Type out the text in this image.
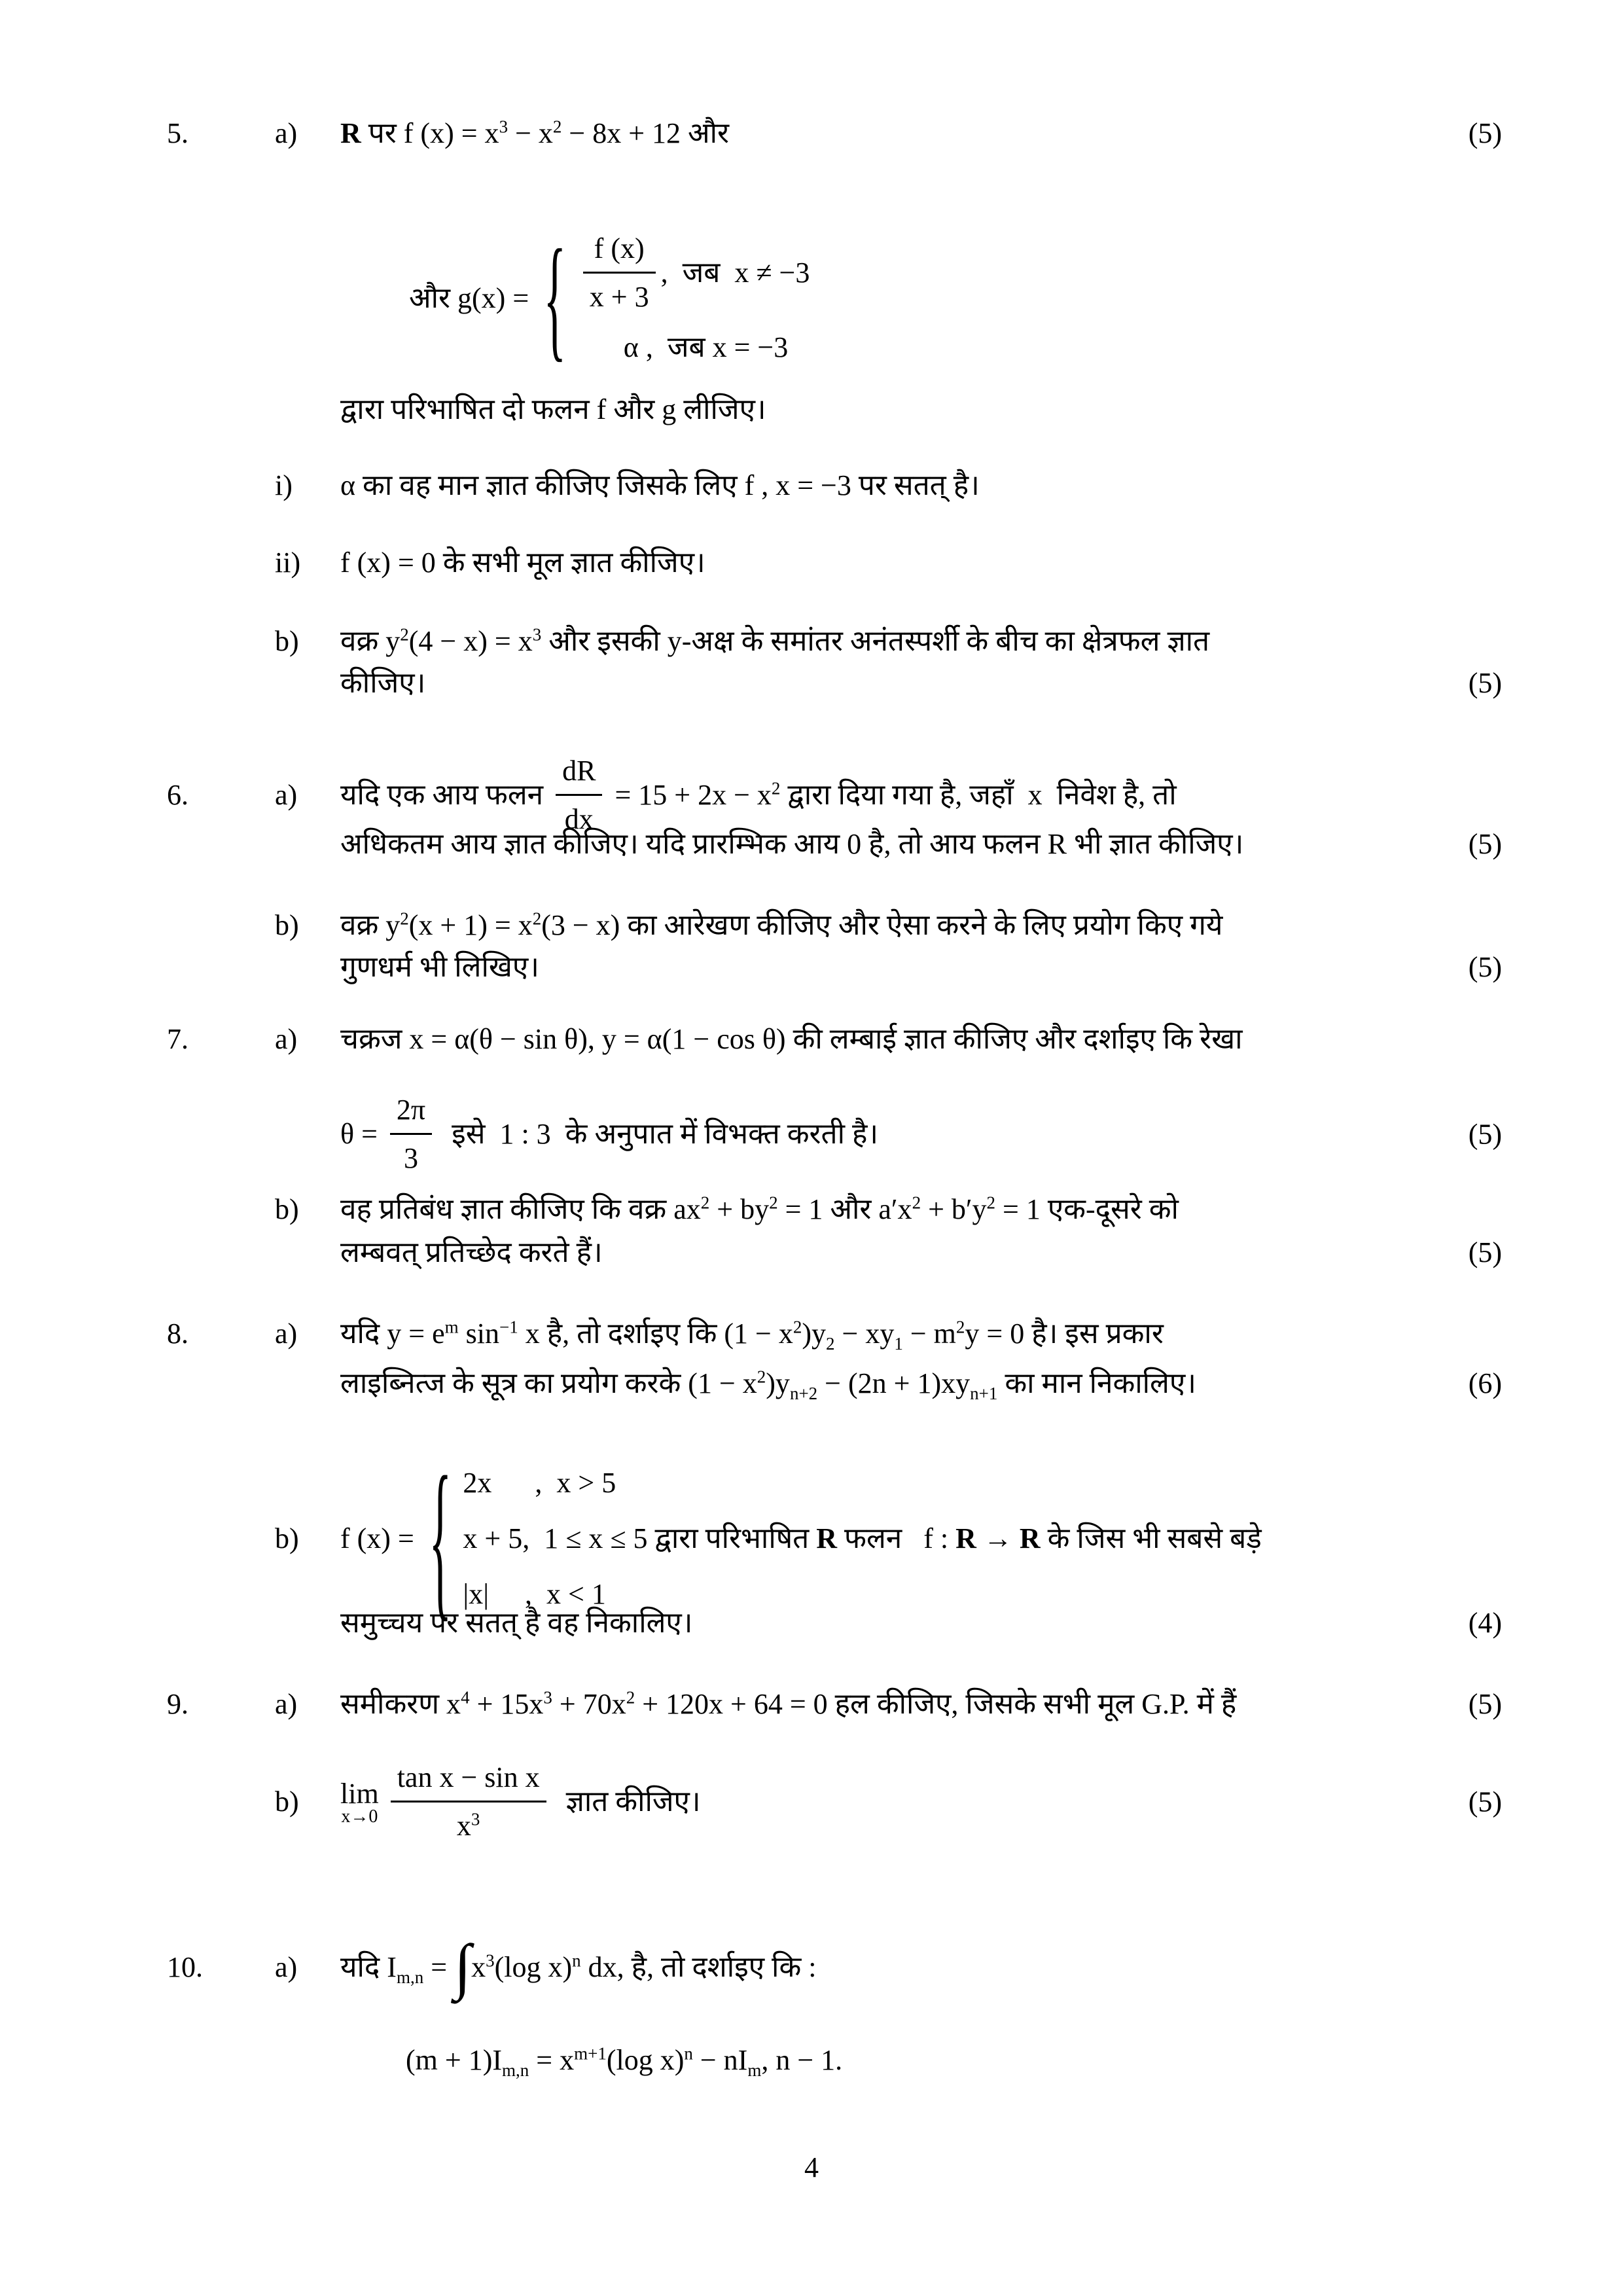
5.	a)	R पर f $(x) = x^3 - x^2 - 8x + 12$ और	(5)
और g(x) = { $\frac{f (x)}{x + 3}$ ,  जब  x ≠ −3
α ,  जब x = −3
द्वारा परिभाषित दो फलन f और g लीजिए।
i)	α का वह मान ज्ञात कीजिए जिसके लिए f , x = −3 पर सतत् है।
ii)	f (x) = 0 के सभी मूल ज्ञात कीजिए।
b)	वक्र $y^2(4 - x) = x^3$ और इसकी y-अक्ष के समांतर अनंतस्पर्शी के बीच का क्षेत्रफल ज्ञात
कीजिए।	(5)
6.	a)	यदि एक आय फलन $\frac{dR}{dx} = 15 + 2x - x^2$ द्वारा दिया गया है, जहाँ  x  निवेश है, तो
अधिकतम आय ज्ञात कीजिए। यदि प्रारम्भिक आय 0 है, तो आय फलन R भी ज्ञात कीजिए।	(5)
b)	वक्र $y^2(x + 1) = x^2(3 - x)$ का आरेखण कीजिए और ऐसा करने के लिए प्रयोग किए गये
गुणधर्म भी लिखिए।	(5)
7.	a)	चक्रज x = α(θ − sin θ), y = α(1 − cos θ) की लम्बाई ज्ञात कीजिए और दर्शाइए कि रेखा
$\theta = \frac{2\pi}{3}$ इसे  1 : 3  के अनुपात में विभक्त करती है।	(5)
b)	वह प्रतिबंध ज्ञात कीजिए कि वक्र $ax^2 + by^2 = 1$ और $a'x^2 + b'y^2 = 1$ एक-दूसरे को
लम्बवत् प्रतिच्छेद करते हैं।	(5)
8.	a)	यदि $y = e^m$ $\sin^{-1} x$ है, तो दर्शाइए कि $(1 - x^2)y_2 - xy_1 - m^2y = 0$ है। इस प्रकार
लाइब्नित्ज के सूत्र का प्रयोग करके $(1 - x^2)y_{n+2} - (2n + 1)xy_{n+1}$ का मान निकालिए।	(6)
b)	f (x) = { 2x      ,  x > 5
x + 5,  1 ≤ x ≤ 5
|x|     ,  x < 1
द्वारा परिभाषित R फलन   f : R → R के जिस भी सबसे बड़े
समुच्चय पर सतत् है वह निकालिए।	(4)
9.	a)	समीकरण $x^4 + 15x^3 + 70x^2 + 120x + 64 = 0$ हल कीजिए, जिसके सभी मूल G.P. में हैं	(5)
b)	lim
$x\to 0 \frac{\text{tan x − sin x}}{x^3}$ ज्ञात कीजिए।	(5)
10.	a)	यदि $I_{m,n} = \int x^3(\log$ x)$^n$ dx, है, तो दर्शाइए कि :
$(m + 1)I_{m,n} = x^{m+1}(\log$ $x)^n - nI_m$, n − 1.
4
